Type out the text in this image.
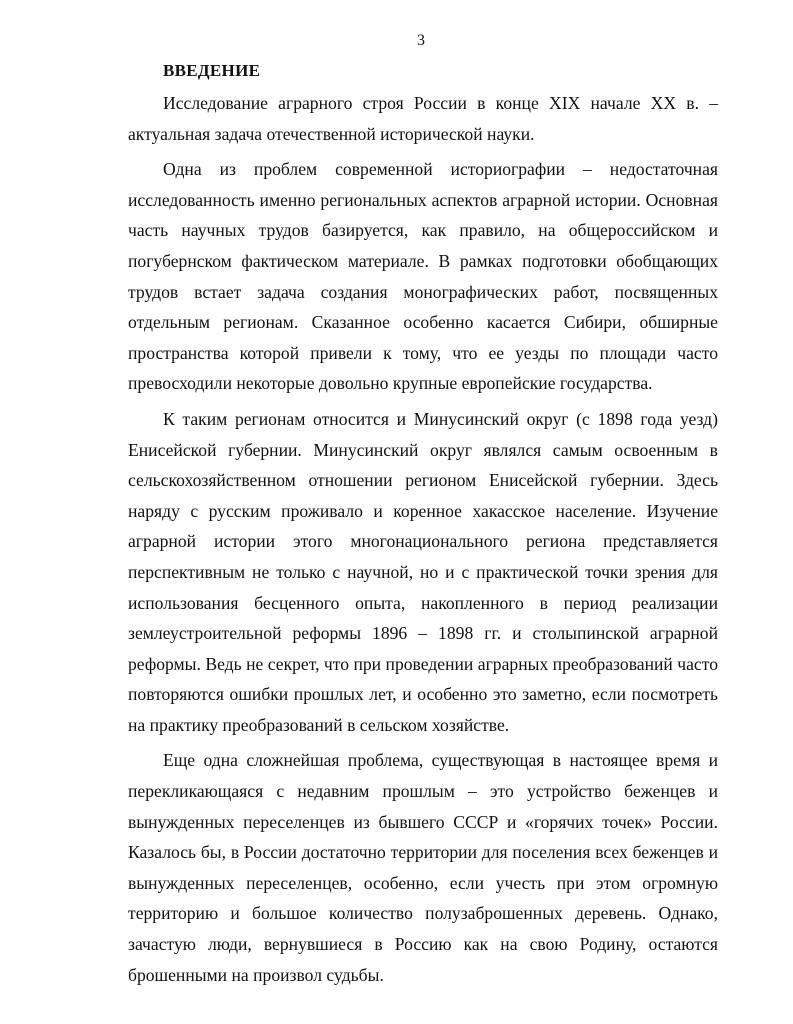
3
ВВЕДЕНИЕ

Исследование аграрного строя России в конце XIX начале XX в. – актуальная задача отечественной исторической науки.

Одна из проблем современной историографии – недостаточная исследованность именно региональных аспектов аграрной истории. Основная часть научных трудов базируется, как правило, на общероссийском и погубернском фактическом материале. В рамках подготовки обобщающих трудов встает задача создания монографических работ, посвященных отдельным регионам. Сказанное особенно касается Сибири, обширные пространства которой привели к тому, что ее уезды по площади часто превосходили некоторые довольно крупные европейские государства.

К таким регионам относится и Минусинский округ (с 1898 года уезд) Енисейской губернии. Минусинский округ являлся самым освоенным в сельскохозяйственном отношении регионом Енисейской губернии. Здесь наряду с русским проживало и коренное хакасское население. Изучение аграрной истории этого многонационального региона представляется перспективным не только с научной, но и с практической точки зрения для использования бесценного опыта, накопленного в период реализации землеустроительной реформы 1896 – 1898 гг. и столыпинской аграрной реформы. Ведь не секрет, что при проведении аграрных преобразований часто повторяются ошибки прошлых лет, и особенно это заметно, если посмотреть на практику преобразований в сельском хозяйстве.

Еще одна сложнейшая проблема, существующая в настоящее время и перекликающаяся с недавним прошлым – это устройство беженцев и вынужденных переселенцев из бывшего СССР и «горячих точек» России. Казалось бы, в России достаточно территории для поселения всех беженцев и вынужденных переселенцев, особенно, если учесть при этом огромную территорию и большое количество полузаброшенных деревень. Однако, зачастую люди, вернувшиеся в Россию как на свою Родину, остаются брошенными на произвол судьбы.
